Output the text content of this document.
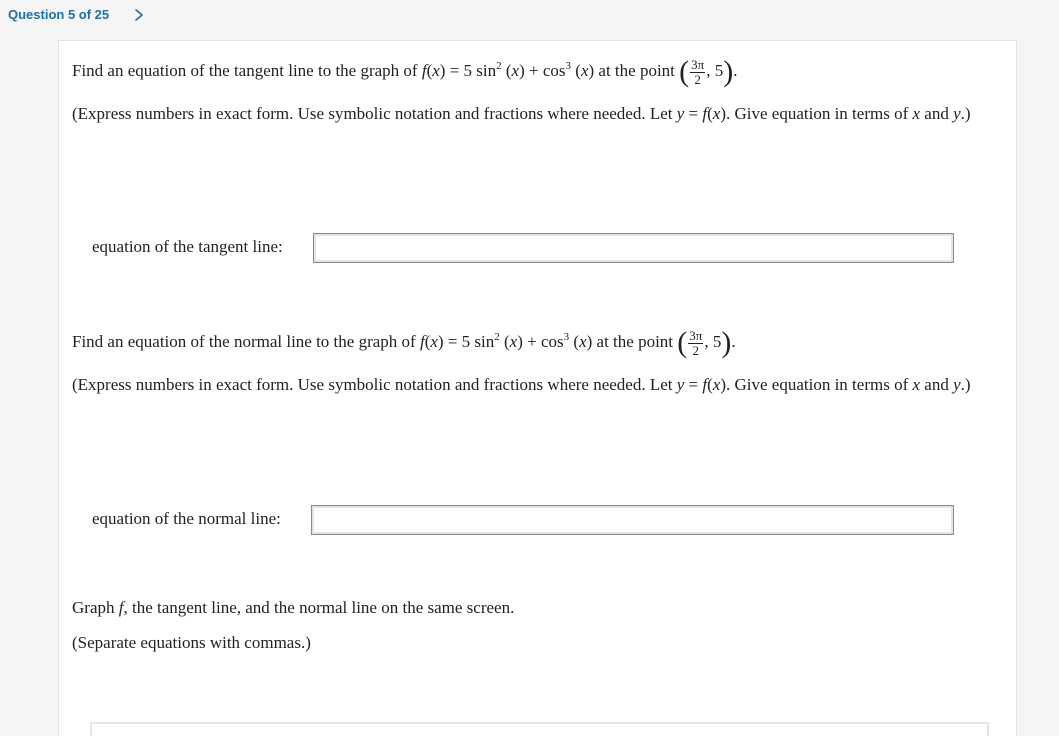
Question 5 of 25
Find an equation of the tangent line to the graph of f(x) = 5 $\sin^2 (x) + \cos^3 (x)$ at the point ( $\frac{3\pi}{2}$ , 5).
(Express numbers in exact form. Use symbolic notation and fractions where needed. Let y = f(x). Give equation in terms of x and y.)
equation of the tangent line:
Find an equation of the normal line to the graph of f(x) = 5 $\sin^2 (x) + \cos^3 (x)$ at the point ( $\frac{3\pi}{2}$ , 5).
(Express numbers in exact form. Use symbolic notation and fractions where needed. Let y = f(x). Give equation in terms of x and y.)
equation of the normal line:
Graph f, the tangent line, and the normal line on the same screen.
(Separate equations with commas.)
